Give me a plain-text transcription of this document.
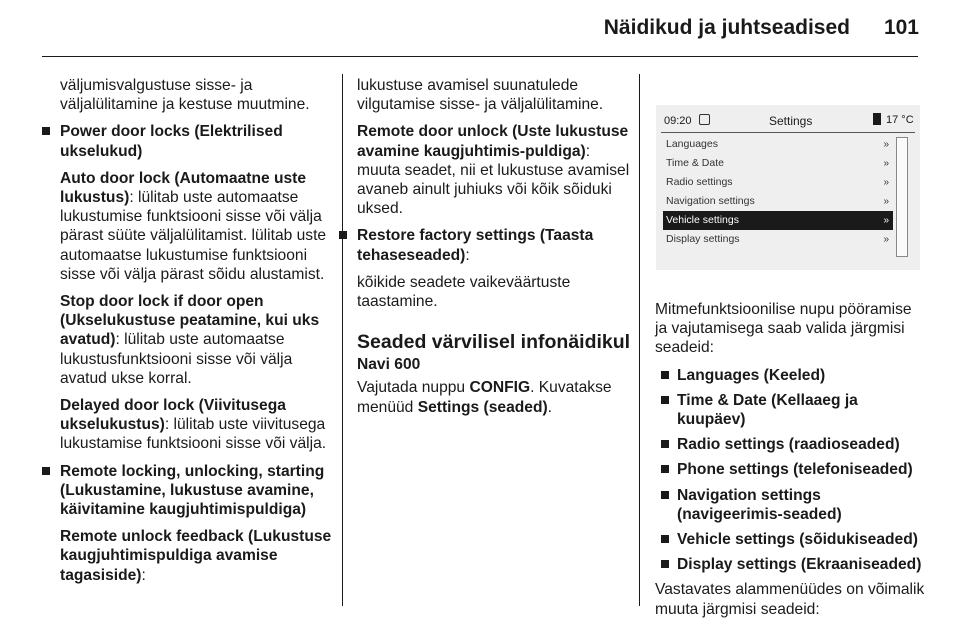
Näidikud ja juhtseadised 101

väljumisvalgustuse sisse- ja väljalülitamine ja kestuse muutmine.

Power door locks (Elektrilised ukselukud)

Auto door lock (Automaatne uste lukustus): lülitab uste automaatse lukustumise funktsiooni sisse või välja pärast süüte väljalülitamist. lülitab uste automaatse lukustumise funktsiooni sisse või välja pärast sõidu alustamist.

Stop door lock if door open (Ukselukustuse peatamine, kui uks avatud): lülitab uste automaatse lukustusfunktsiooni sisse või välja avatud ukse korral.

Delayed door lock (Viivitusega ukselukustus): lülitab uste viivitusega lukustamise funktsiooni sisse või välja.

Remote locking, unlocking, starting (Lukustamine, lukustuse avamine, käivitamine kaugjuhtimispuldiga)

Remote unlock feedback (Lukustuse kaugjuhtimispuldiga avamise tagasiside):

lukustuse avamisel suunatulede vilgutamise sisse- ja väljalülitamine.

Remote door unlock (Uste lukustuse avamine kaugjuhtimis-puldiga): muuta seadet, nii et lukustuse avamisel avaneb ainult juhiuks või kõik sõiduki uksed.

Restore factory settings (Taasta tehaseseaded):

kõikide seadete vaikeväärtuste taastamine.

Seaded värvilisel infonäidikul
Navi 600

Vajutada nuppu CONFIG. Kuvatakse menüüd Settings (seaded).

09:20	Settings	17 °C
Languages	»
Time & Date	»
Radio settings	»
Navigation settings	»
Vehicle settings	»
Display settings	»

Mitmefunktsioonilise nupu pööramise ja vajutamisega saab valida järgmisi seadeid:

Languages (Keeled)
Time & Date (Kellaaeg ja kuupäev)
Radio settings (raadioseaded)
Phone settings (telefoniseaded)
Navigation settings (navigeerimis-seaded)
Vehicle settings (sõidukiseaded)
Display settings (Ekraaniseaded)

Vastavates alammenüüdes on võimalik muuta järgmisi seadeid:
